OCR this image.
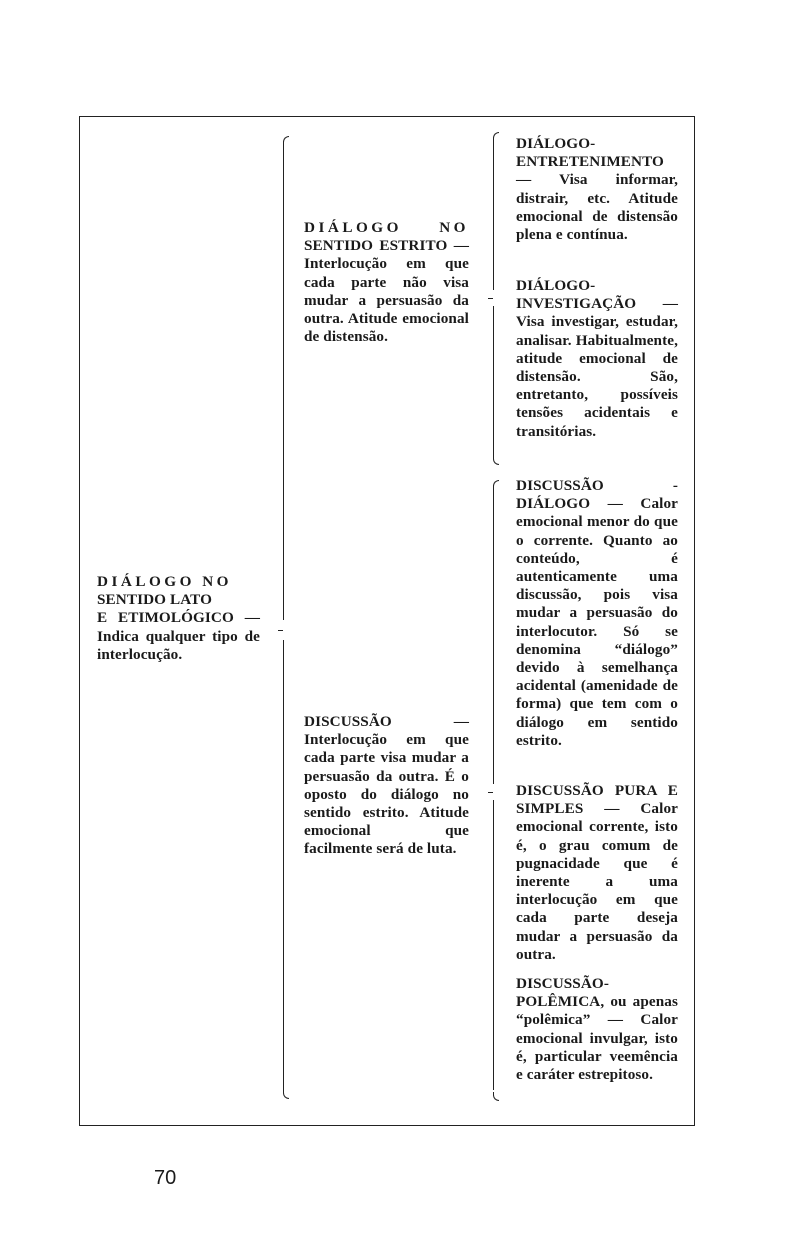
DIÁLOGO NO
SENTIDO LATO
E ETIMOLÓGICO — Indica qualquer tipo de interlocução.
DIÁLOGO NO SENTIDO ESTRITO — Interlocução em que cada parte não visa mudar a persuasão da outra. Atitude emocional de distensão.
DISCUSSÃO	— Interlocução em que cada parte visa mudar a persuasão da outra. É o oposto do diálogo no sentido estrito. Atitude emocional que facilmente será de luta.
DIÁLOGO-ENTRETENIMENTO — Visa informar, distrair, etc. Atitude emocional de distensão plena e contínua.
DIÁLOGO-INVESTIGAÇÃO — Visa investigar, estudar, analisar. Habitualmente, atitude emocional de distensão. São, entretanto, possíveis tensões acidentais e transitórias.
DISCUSSÃO - DIÁLOGO — Calor emocional menor do que o corrente. Quanto ao conteúdo, é autenticamente uma discussão, pois visa mudar a persuasão do interlocutor. Só se denomina “diálogo” devido à semelhança acidental (amenidade de forma) que tem com o diálogo em sentido estrito.
DISCUSSÃO PURA E SIMPLES — Calor emocional corrente, isto é, o grau comum de pugnacidade que é inerente a uma interlocução em que cada parte deseja mudar a persuasão da outra.
DISCUSSÃO-POLÊMICA, ou apenas “polêmica” — Calor emocional invulgar, isto é, particular veemência e caráter estrepitoso.
70
